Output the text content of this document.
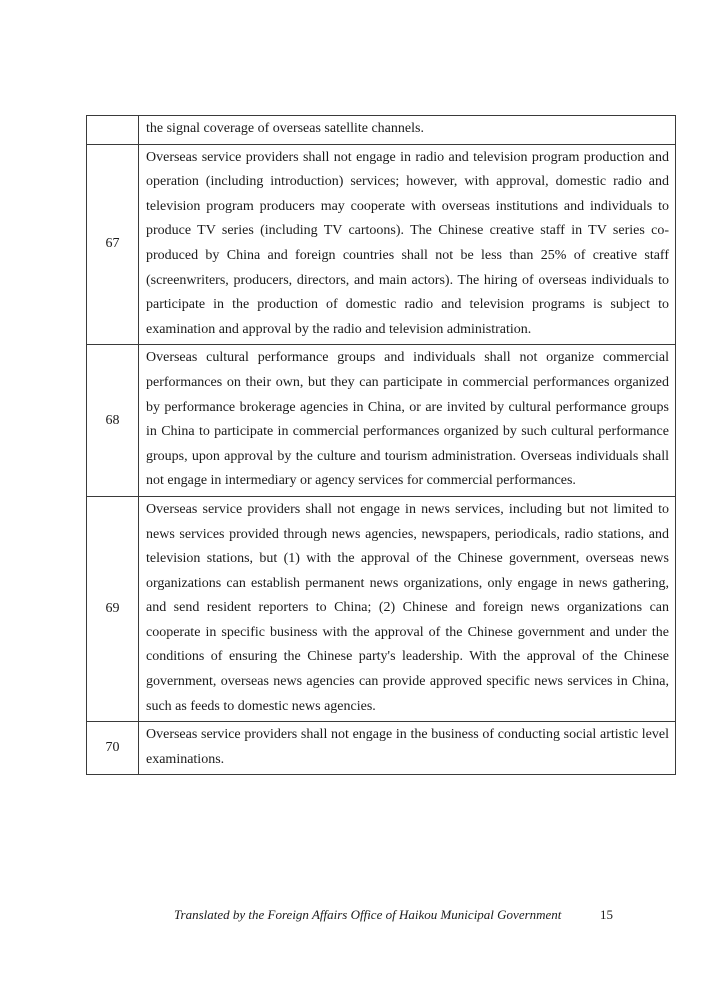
	the signal coverage of overseas satellite channels.

67	Overseas service providers shall not engage in radio and television program production and operation (including introduction) services; however, with approval, domestic radio and television program producers may cooperate with overseas institutions and individuals to produce TV series (including TV cartoons). The Chinese creative staff in TV series co-produced by China and foreign countries shall not be less than 25% of creative staff (screenwriters, producers, directors, and main actors). The hiring of overseas individuals to participate in the production of domestic radio and television programs is subject to examination and approval by the radio and television administration.

68	Overseas cultural performance groups and individuals shall not organize commercial performances on their own, but they can participate in commercial performances organized by performance brokerage agencies in China, or are invited by cultural performance groups in China to participate in commercial performances organized by such cultural performance groups, upon approval by the culture and tourism administration. Overseas individuals shall not engage in intermediary or agency services for commercial performances.

69	Overseas service providers shall not engage in news services, including but not limited to news services provided through news agencies, newspapers, periodicals, radio stations, and television stations, but (1) with the approval of the Chinese government, overseas news organizations can establish permanent news organizations, only engage in news gathering, and send resident reporters to China; (2) Chinese and foreign news organizations can cooperate in specific business with the approval of the Chinese government and under the conditions of ensuring the Chinese party's leadership. With the approval of the Chinese government, overseas news agencies can provide approved specific news services in China, such as feeds to domestic news agencies.

70	Overseas service providers shall not engage in the business of conducting social artistic level examinations.
Translated by the Foreign Affairs Office of Haikou Municipal Government	15
